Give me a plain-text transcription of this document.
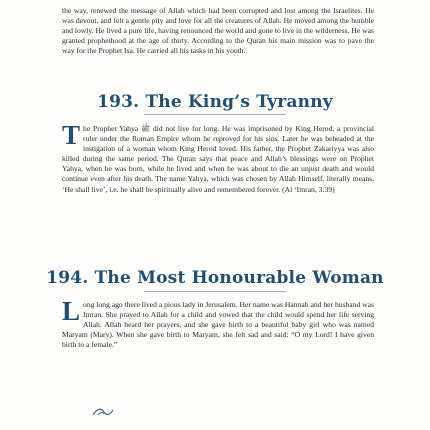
the way, renewed the message of Allah which had been corrupted and lost among the Israelites. He was devout, and felt a gentle pity and love for all the creatures of Allah. He moved among the humble and lowly. He lived a pure life, having renounced the world and gone to live in the wilderness. He was granted prophethood at the age of thirty. According to the Quran his main mission was to pave the way for the Prophet Isa. He carried all his tasks in his youth.

193. The King’s Tyranny
The Prophet Yahya ﷺ did not live for long. He was imprisoned by King Herod, a provincial ruler under the Roman Empire whom he reproved for his sins. Later he was beheaded at the instigation of a woman whom King Herod loved. His father, the Prophet Zakariyya was also killed during the same period. The Quran says that peace and Allah’s blessings were on Prophet Yahya, when he was born, while he lived and when he was about to die an unjust death and would continue even after his death. The name Yahya, which was chosen by Allah Himself, literally means, ‘He shall live’, i.e. he shall be spiritually alive and remembered forever. (Al ‘Imran, 3:39)
194. The Most Honourable Woman
Long long ago there lived a pious lady in Jerusalem. Her name was Hannah and her husband was Imran. She prayed to Allah for a child and vowed that the child would spend her life serving Allah. Allah heard her prayers, and she gave birth to a beautiful baby girl who was named Maryam (Mary). When she gave birth to Maryam, she felt sad and said: “O my Lord! I have given birth to a female.”
